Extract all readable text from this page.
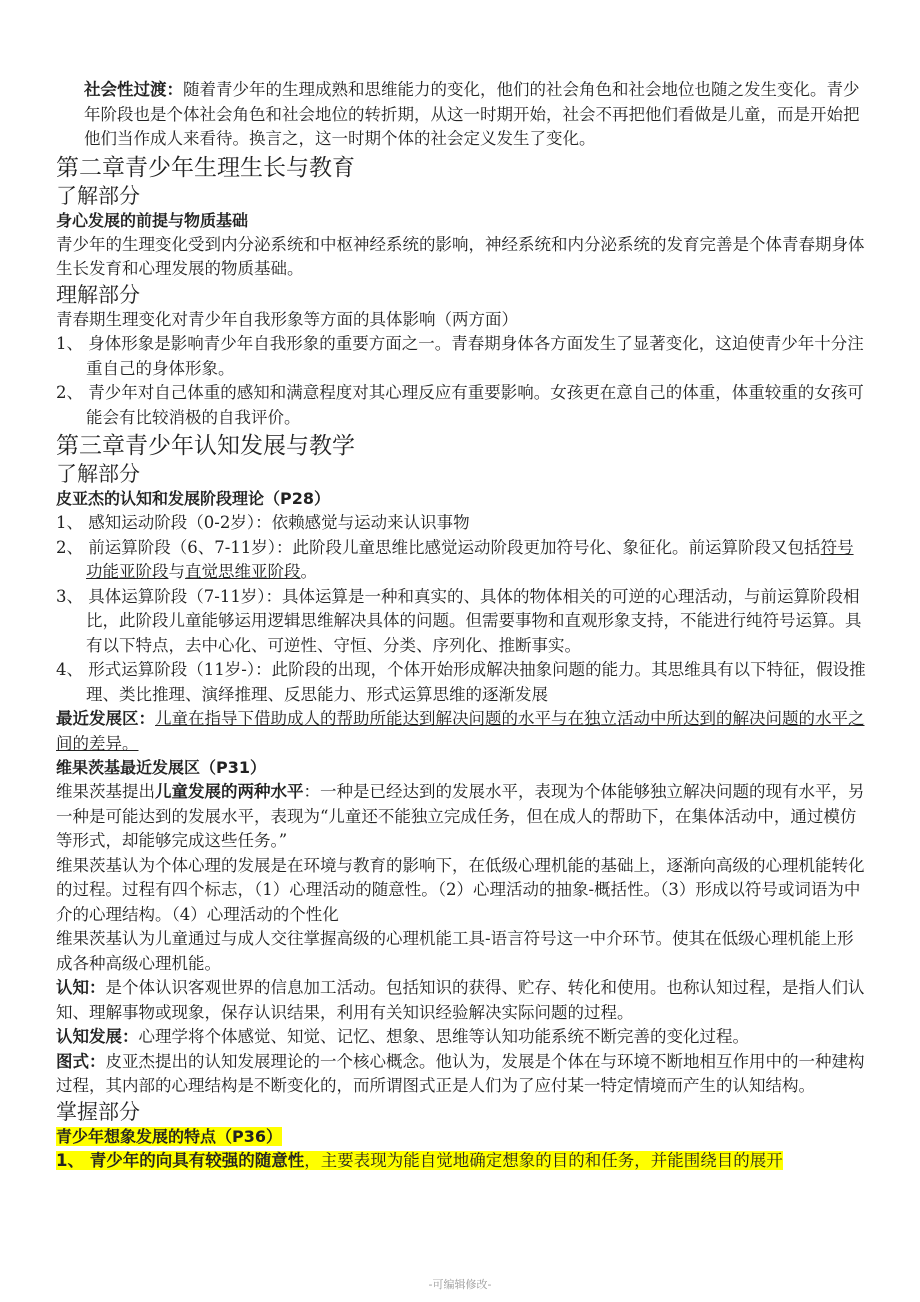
社会性过渡：随着青少年的生理成熟和思维能力的变化，他们的社会角色和社会地位也随之发生变化。青少年阶段也是个体社会角色和社会地位的转折期，从这一时期开始，社会不再把他们看做是儿童，而是开始把他们当作成人来看待。换言之，这一时期个体的社会定义发生了变化。

第二章青少年生理生长与教育

了解部分

身心发展的前提与物质基础

青少年的生理变化受到内分泌系统和中枢神经系统的影响，神经系统和内分泌系统的发育完善是个体青春期身体生长发育和心理发展的物质基础。

理解部分

青春期生理变化对青少年自我形象等方面的具体影响（两方面）

1、 身体形象是影响青少年自我形象的重要方面之一。青春期身体各方面发生了显著变化，这迫使青少年十分注重自己的身体形象。

2、 青少年对自己体重的感知和满意程度对其心理反应有重要影响。女孩更在意自己的体重，体重较重的女孩可能会有比较消极的自我评价。

第三章青少年认知发展与教学

了解部分

皮亚杰的认知和发展阶段理论（P28）

1、 感知运动阶段（0-2岁）：依赖感觉与运动来认识事物

2、 前运算阶段（6、7-11岁）：此阶段儿童思维比感觉运动阶段更加符号化、象征化。前运算阶段又包括符号功能亚阶段与直觉思维亚阶段。

3、 具体运算阶段（7-11岁）：具体运算是一种和真实的、具体的物体相关的可逆的心理活动，与前运算阶段相比，此阶段儿童能够运用逻辑思维解决具体的问题。但需要事物和直观形象支持，不能进行纯符号运算。具有以下特点，去中心化、可逆性、守恒、分类、序列化、推断事实。

4、 形式运算阶段（11岁-）：此阶段的出现，个体开始形成解决抽象问题的能力。其思维具有以下特征，假设推理、类比推理、演绎推理、反思能力、形式运算思维的逐渐发展

最近发展区：儿童在指导下借助成人的帮助所能达到解决问题的水平与在独立活动中所达到的解决问题的水平之间的差异。

维果茨基最近发展区（P31）

维果茨基提出儿童发展的两种水平：一种是已经达到的发展水平，表现为个体能够独立解决问题的现有水平，另一种是可能达到的发展水平，表现为“儿童还不能独立完成任务，但在成人的帮助下，在集体活动中，通过模仿等形式，却能够完成这些任务。”

维果茨基认为个体心理的发展是在环境与教育的影响下，在低级心理机能的基础上，逐渐向高级的心理机能转化的过程。过程有四个标志，（1）心理活动的随意性。（2）心理活动的抽象-概括性。（3）形成以符号或词语为中介的心理结构。（4）心理活动的个性化

维果茨基认为儿童通过与成人交往掌握高级的心理机能工具-语言符号这一中介环节。使其在低级心理机能上形成各种高级心理机能。

认知：是个体认识客观世界的信息加工活动。包括知识的获得、贮存、转化和使用。也称认知过程，是指人们认知、理解事物或现象，保存认识结果，利用有关知识经验解决实际问题的过程。

认知发展：心理学将个体感觉、知觉、记忆、想象、思维等认知功能系统不断完善的变化过程。

图式：皮亚杰提出的认知发展理论的一个核心概念。他认为，发展是个体在与环境不断地相互作用中的一种建构过程，其内部的心理结构是不断变化的，而所谓图式正是人们为了应付某一特定情境而产生的认知结构。

掌握部分

青少年想象发展的特点（P36）

1、 青少年的向具有较强的随意性，主要表现为能自觉地确定想象的目的和任务，并能围绕目的展开

-可编辑修改-
